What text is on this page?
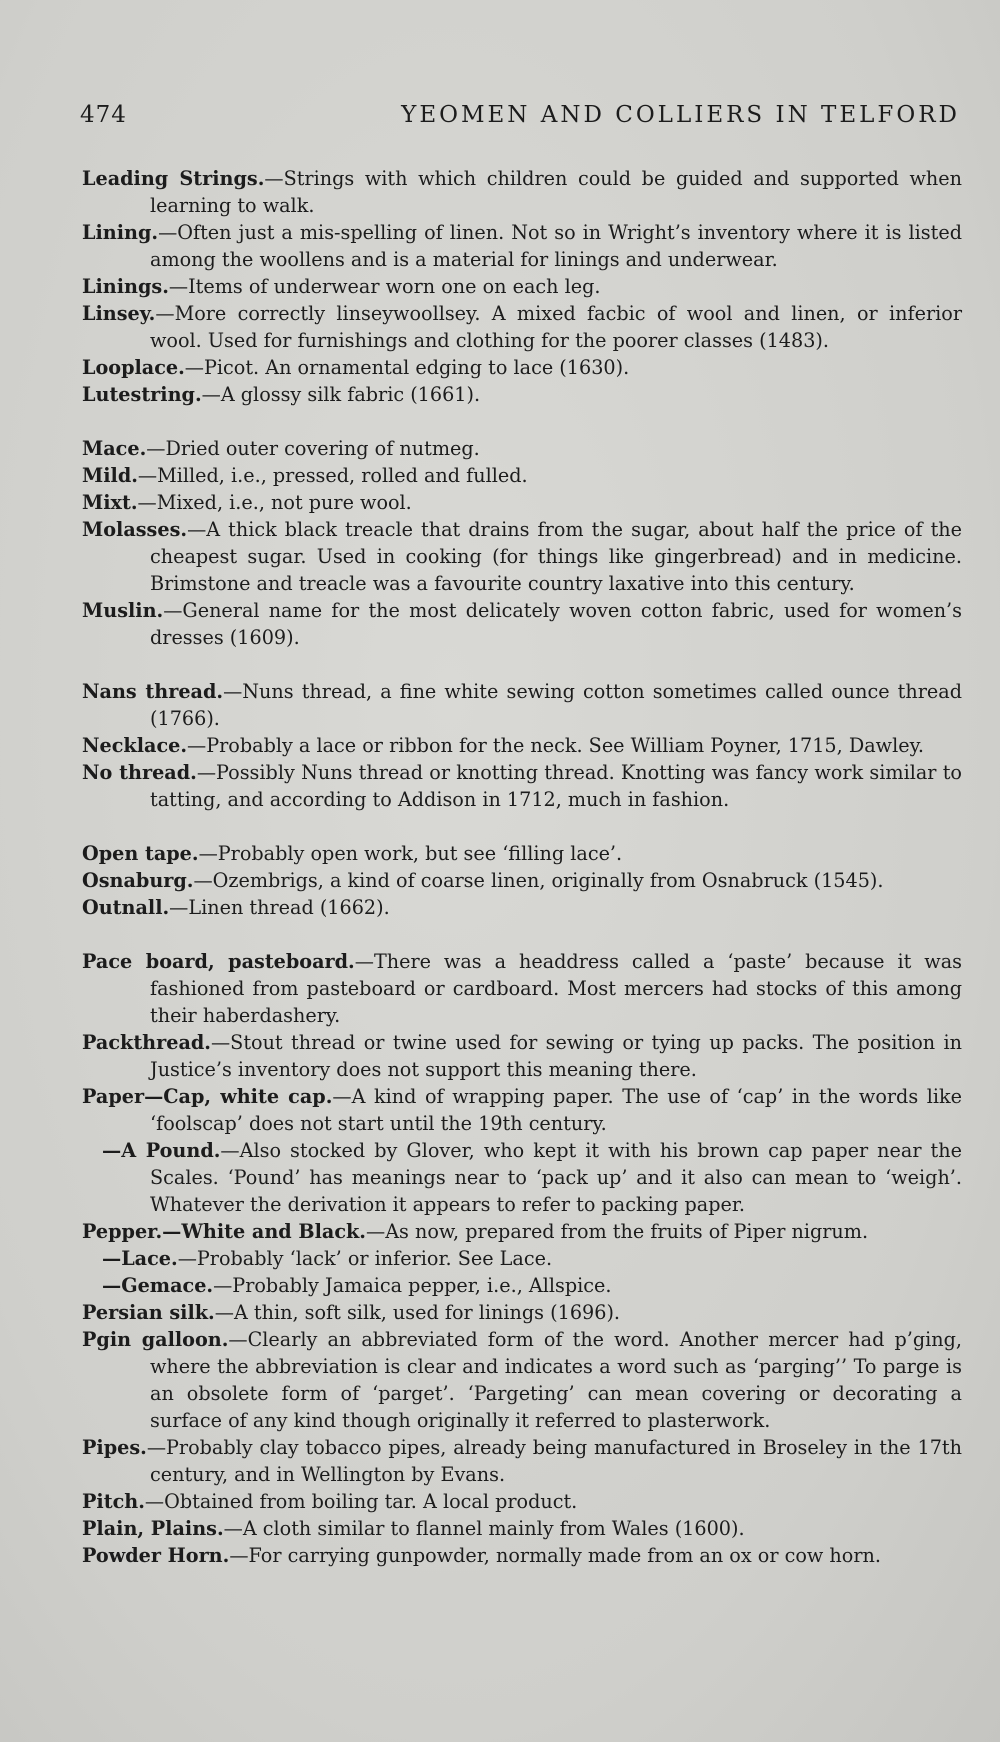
474	YEOMEN AND COLLIERS IN TELFORD

Leading Strings.—Strings with which children could be guided and supported when learning to walk.

Lining.—Often just a mis-spelling of linen. Not so in Wright’s inventory where it is listed among the woollens and is a material for linings and underwear.

Linings.—Items of underwear worn one on each leg.

Linsey.—More correctly linseywoollsey. A mixed facbic of wool and linen, or inferior wool. Used for furnishings and clothing for the poorer classes (1483).

Looplace.—Picot. An ornamental edging to lace (1630).

Lutestring.—A glossy silk fabric (1661).

Mace.—Dried outer covering of nutmeg.

Mild.—Milled, i.e., pressed, rolled and fulled.

Mixt.—Mixed, i.e., not pure wool.

Molasses.—A thick black treacle that drains from the sugar, about half the price of the cheapest sugar. Used in cooking (for things like gingerbread) and in medicine. Brimstone and treacle was a favourite country laxative into this century.

Muslin.—General name for the most delicately woven cotton fabric, used for women’s dresses (1609).

Nans thread.—Nuns thread, a fine white sewing cotton sometimes called ounce thread (1766).

Necklace.—Probably a lace or ribbon for the neck. See William Poyner, 1715, Dawley.

No thread.—Possibly Nuns thread or knotting thread. Knotting was fancy work similar to tatting, and according to Addison in 1712, much in fashion.

Open tape.—Probably open work, but see ‘filling lace’.

Osnaburg.—Ozembrigs, a kind of coarse linen, originally from Osnabruck (1545).

Outnall.—Linen thread (1662).

Pace board, pasteboard.—There was a headdress called a ‘paste’ because it was fashioned from pasteboard or cardboard. Most mercers had stocks of this among their haberdashery.

Packthread.—Stout thread or twine used for sewing or tying up packs. The position in Justice’s inventory does not support this meaning there.

Paper—Cap, white cap.—A kind of wrapping paper. The use of ‘cap’ in the words like ‘foolscap’ does not start until the 19th century.

—A Pound.—Also stocked by Glover, who kept it with his brown cap paper near the Scales. ‘Pound’ has meanings near to ‘pack up’ and it also can mean to ‘weigh’. Whatever the derivation it appears to refer to packing paper.

Pepper.—White and Black.—As now, prepared from the fruits of Piper nigrum.

—Lace.—Probably ‘lack’ or inferior. See Lace.

—Gemace.—Probably Jamaica pepper, i.e., Allspice.

Persian silk.—A thin, soft silk, used for linings (1696).

Pgin galloon.—Clearly an abbreviated form of the word. Another mercer had p’ging, where the abbreviation is clear and indicates a word such as ‘parging’’ To parge is an obsolete form of ‘parget’. ‘Pargeting’ can mean covering or decorating a surface of any kind though originally it referred to plasterwork.

Pipes.—Probably clay tobacco pipes, already being manufactured in Broseley in the 17th century, and in Wellington by Evans.

Pitch.—Obtained from boiling tar. A local product.

Plain, Plains.—A cloth similar to flannel mainly from Wales (1600).

Powder Horn.—For carrying gunpowder, normally made from an ox or cow horn.
